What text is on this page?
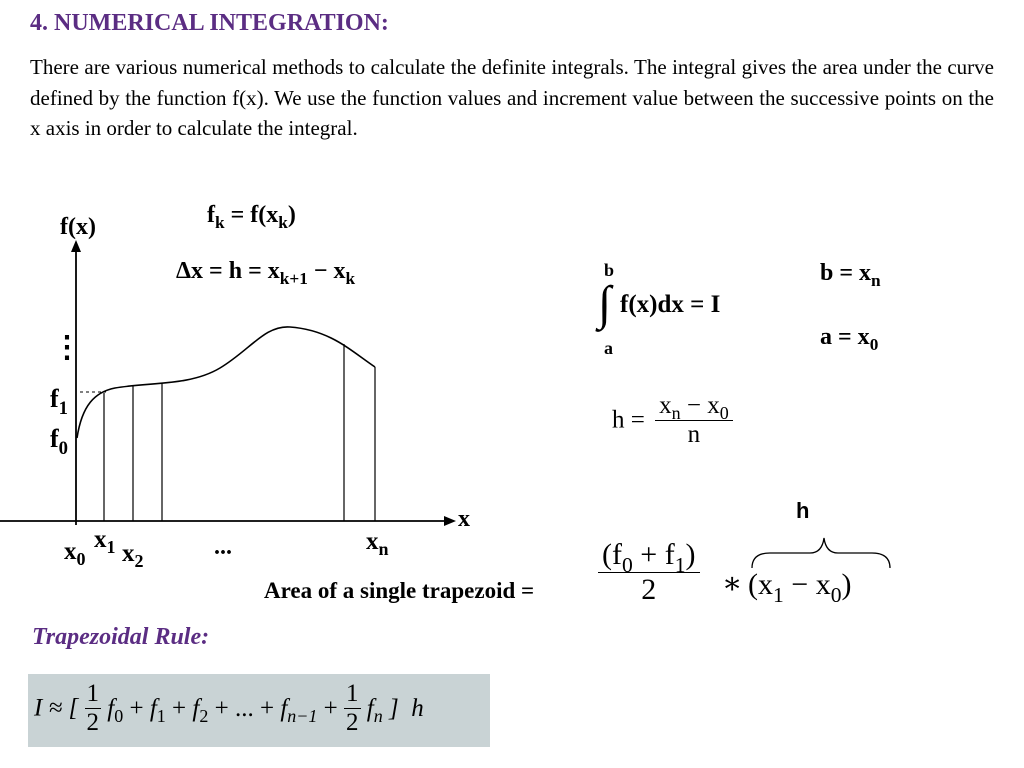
4. NUMERICAL INTEGRATION:
There are various numerical methods to calculate the definite integrals. The integral gives the area under the curve defined by the function f(x). We use the function values and increment value between the successive points on the x axis in order to calculate the integral.
f(x)
x
⋮
$f_1$
$f_0$
$x_0$
$x_1$ $x_2$
...	$x_n$
$f_k = f(x_k)$
$\Delta x = h = x_{k+1} - x_k$	b
∫
a
f(x)dx = I
$b = x_n$
$a = x_0$
$h = \frac{x_n - x_0}{n}$
h
Area of a single trapezoid = $\frac{(f_0 + f_1)}{2}$ ∗ $(x_1 - x_0)$
Trapezoidal Rule:
I ≈ [ $\frac{1}{2} f_0 + f_1 + f_2$ + ... + $f_{n-1} + \frac{1}{2} f_n$ ] h
